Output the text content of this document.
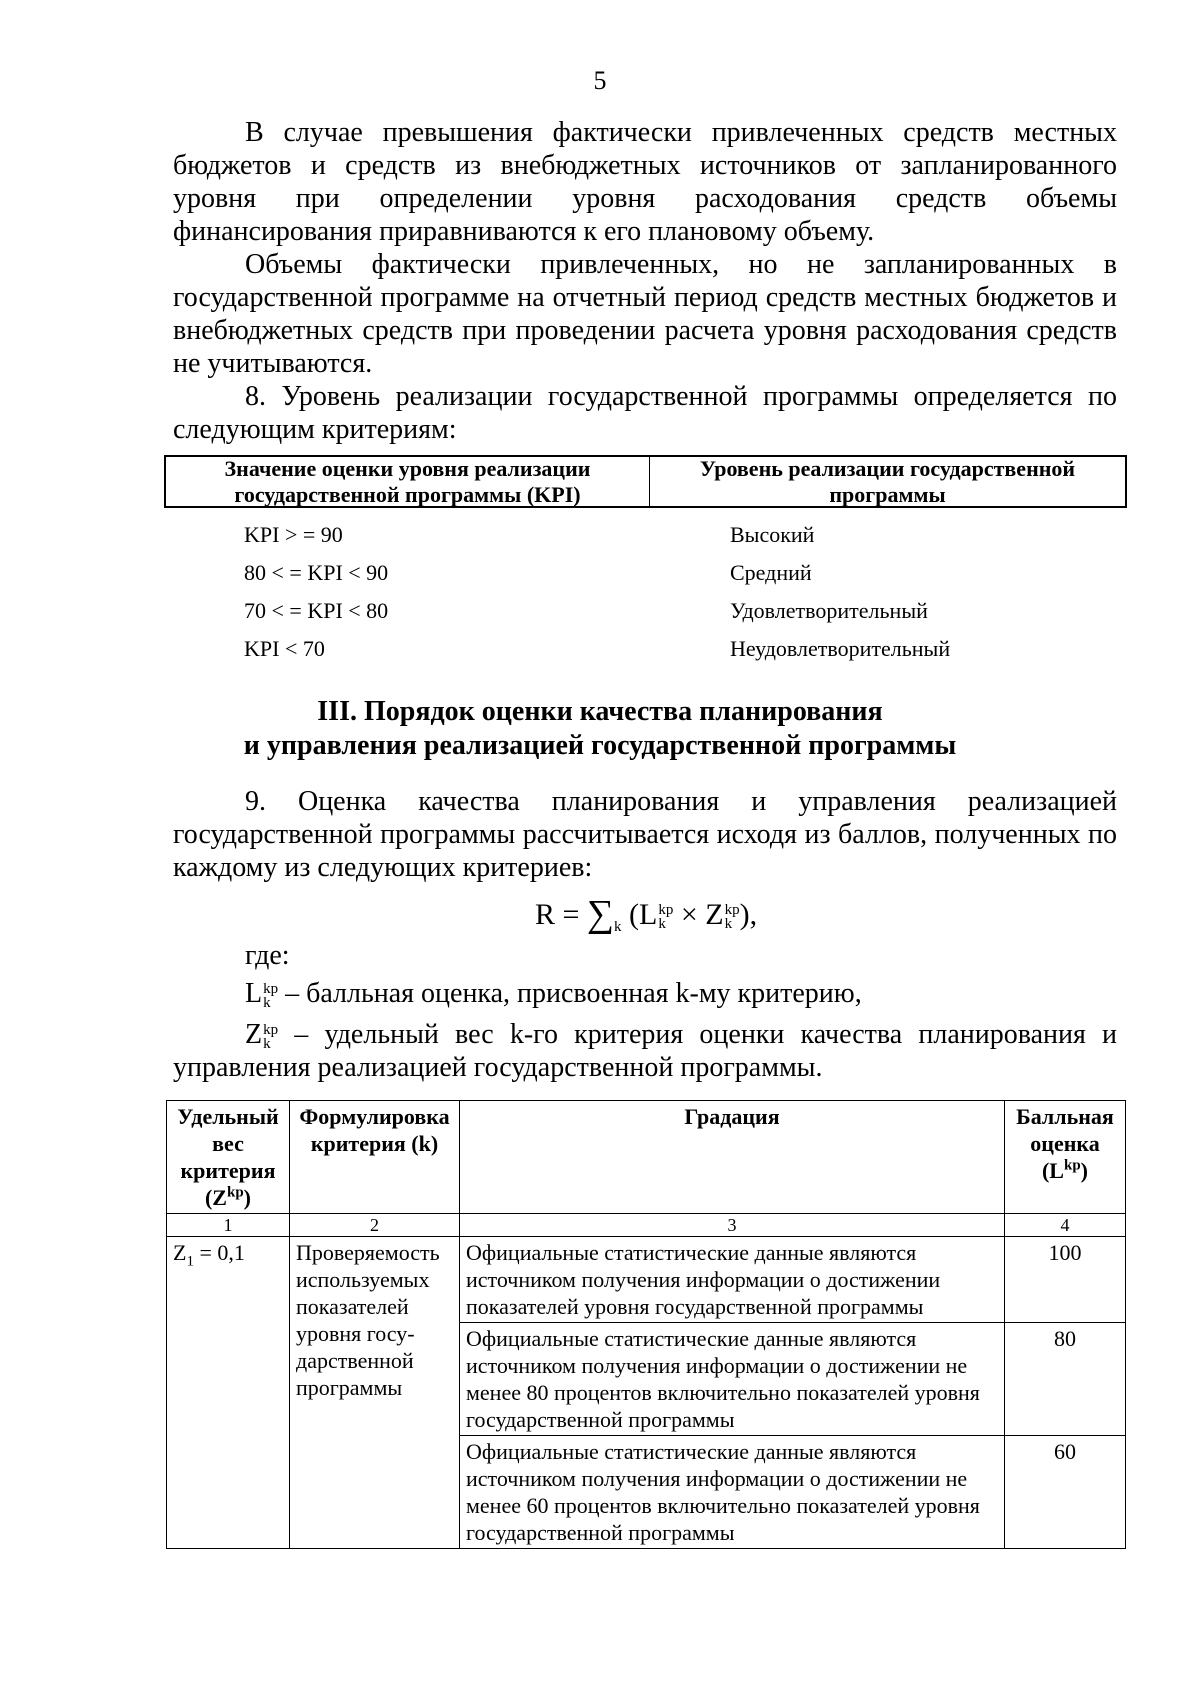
5

В случае превышения фактически привлеченных средств местных бюджетов и средств из внебюджетных источников от запланированного уровня при определении уровня расходования средств объемы финансирования приравниваются к его плановому объему.

Объемы фактически привлеченных, но не запланированных в государственной программе на отчетный период средств местных бюджетов и внебюджетных средств при проведении расчета уровня расходования средств не учитываются.

8. Уровень реализации государственной программы определяется по следующим критериям:

Значение оценки уровня реализации государственной программы (KPI)
Уровень реализации государственной программы
KPI > = 90	Высокий
80 < = KPI < 90	Средний
70 < = KPI < 80	Удовлетворительный
KPI < 70	Неудовлетворительный
III. Порядок оценки качества планирования
и управления реализацией государственной программы

9. Оценка качества планирования и управления реализацией государственной программы рассчитывается исходя из баллов, полученных по каждому из следующих критериев:

$R = \sum_k$ (L kp
k × Z kp
k ),
где:
L kp
k – балльная оценка, присвоенная k-му критерию,

Z kp
k – удельный вес k-го критерия оценки качества планирования и управления реализацией государственной программы.

Удельный вес критерия $(Z^{kp})$	Формулировка критерия (k)	Градация	Балльная оценка $(L^{kp})$
1	2	3	4
$Z_1 = 0,1$	Проверяемость используемых показателей уровня государственной программы	Официальные статистические данные являются источником получения информации о достижении показателей уровня государственной программы	100
		Официальные статистические данные являются источником получения информации о достижении не менее 80 процентов включительно показателей уровня государственной программы	80
		Официальные статистические данные являются источником получения информации о достижении не менее 60 процентов включительно показателей уровня государственной программы	60
